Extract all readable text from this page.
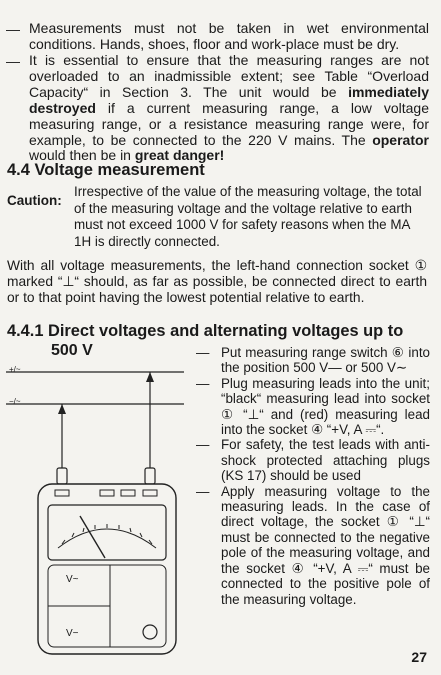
— Measurements must not be taken in wet environmental conditions. Hands, shoes, floor and work-place must be dry.
— It is essential to ensure that the measuring ranges are not overloaded to an inadmissible extent; see Table “Overload Capacity“ in Section 3. The unit would be immediately destroyed if a current measuring range, a low voltage measuring range, or a resistance measuring range were, for example, to be connected to the 220 V mains. The operator would then be in great danger!
4.4 Voltage measurement
Caution:
Irrespective of the value of the measuring voltage, the total of the measuring voltage and the voltage relative to earth must not exceed 1000 V for safety reasons when the MA 1H is directly connected.
With all voltage measurements, the left-hand connection socket ① marked “⊥“ should, as far as possible, be connected direct to earth or to that point having the lowest potential relative to earth.
4.4.1 Direct voltages and alternating voltages up to
500 V
+/~
−/~
V~
V−
— Put measuring range switch ⑥ into the position 500 V— or 500 V∼
— Plug measuring leads into the unit; “black“ measuring lead into socket ① “⊥“ and (red) measuring lead into the socket ④ “+V, A ⎓“.
— For safety, the test leads with anti-shock protected attaching plugs (KS 17) should be used
— Apply measuring voltage to the measuring leads. In the case of direct voltage, the socket ① “⊥“ must be connected to the negative pole of the measuring voltage, and the socket ④ “+V, A ⎓“ must be connected to the positive pole of the measuring voltage.
27
